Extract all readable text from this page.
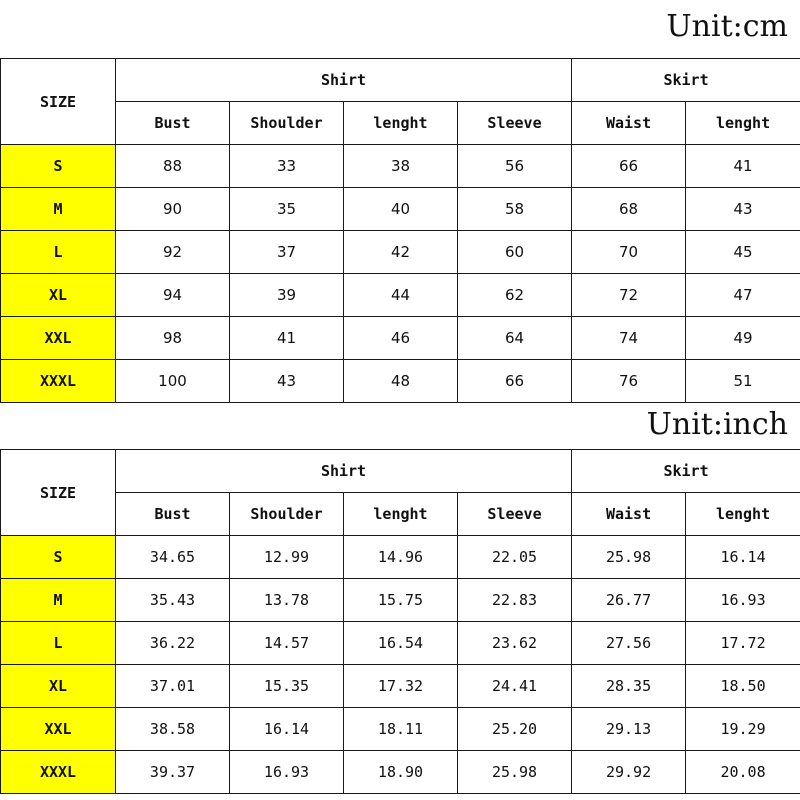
Unit:cm
SIZE	Shirt				Skirt	
	Bust	Shoulder	lenght	Sleeve	Waist	lenght
S	88	33	38	56	66	41
M	90	35	40	58	68	43
L	92	37	42	60	70	45
XL	94	39	44	62	72	47
XXL	98	41	46	64	74	49
XXXL	100	43	48	66	76	51
Unit:inch
SIZE	Shirt				Skirt	
	Bust	Shoulder	lenght	Sleeve	Waist	lenght
S	34.65	12.99	14.96	22.05	25.98	16.14
M	35.43	13.78	15.75	22.83	26.77	16.93
L	36.22	14.57	16.54	23.62	27.56	17.72
XL	37.01	15.35	17.32	24.41	28.35	18.50
XXL	38.58	16.14	18.11	25.20	29.13	19.29
XXXL	39.37	16.93	18.90	25.98	29.92	20.08
